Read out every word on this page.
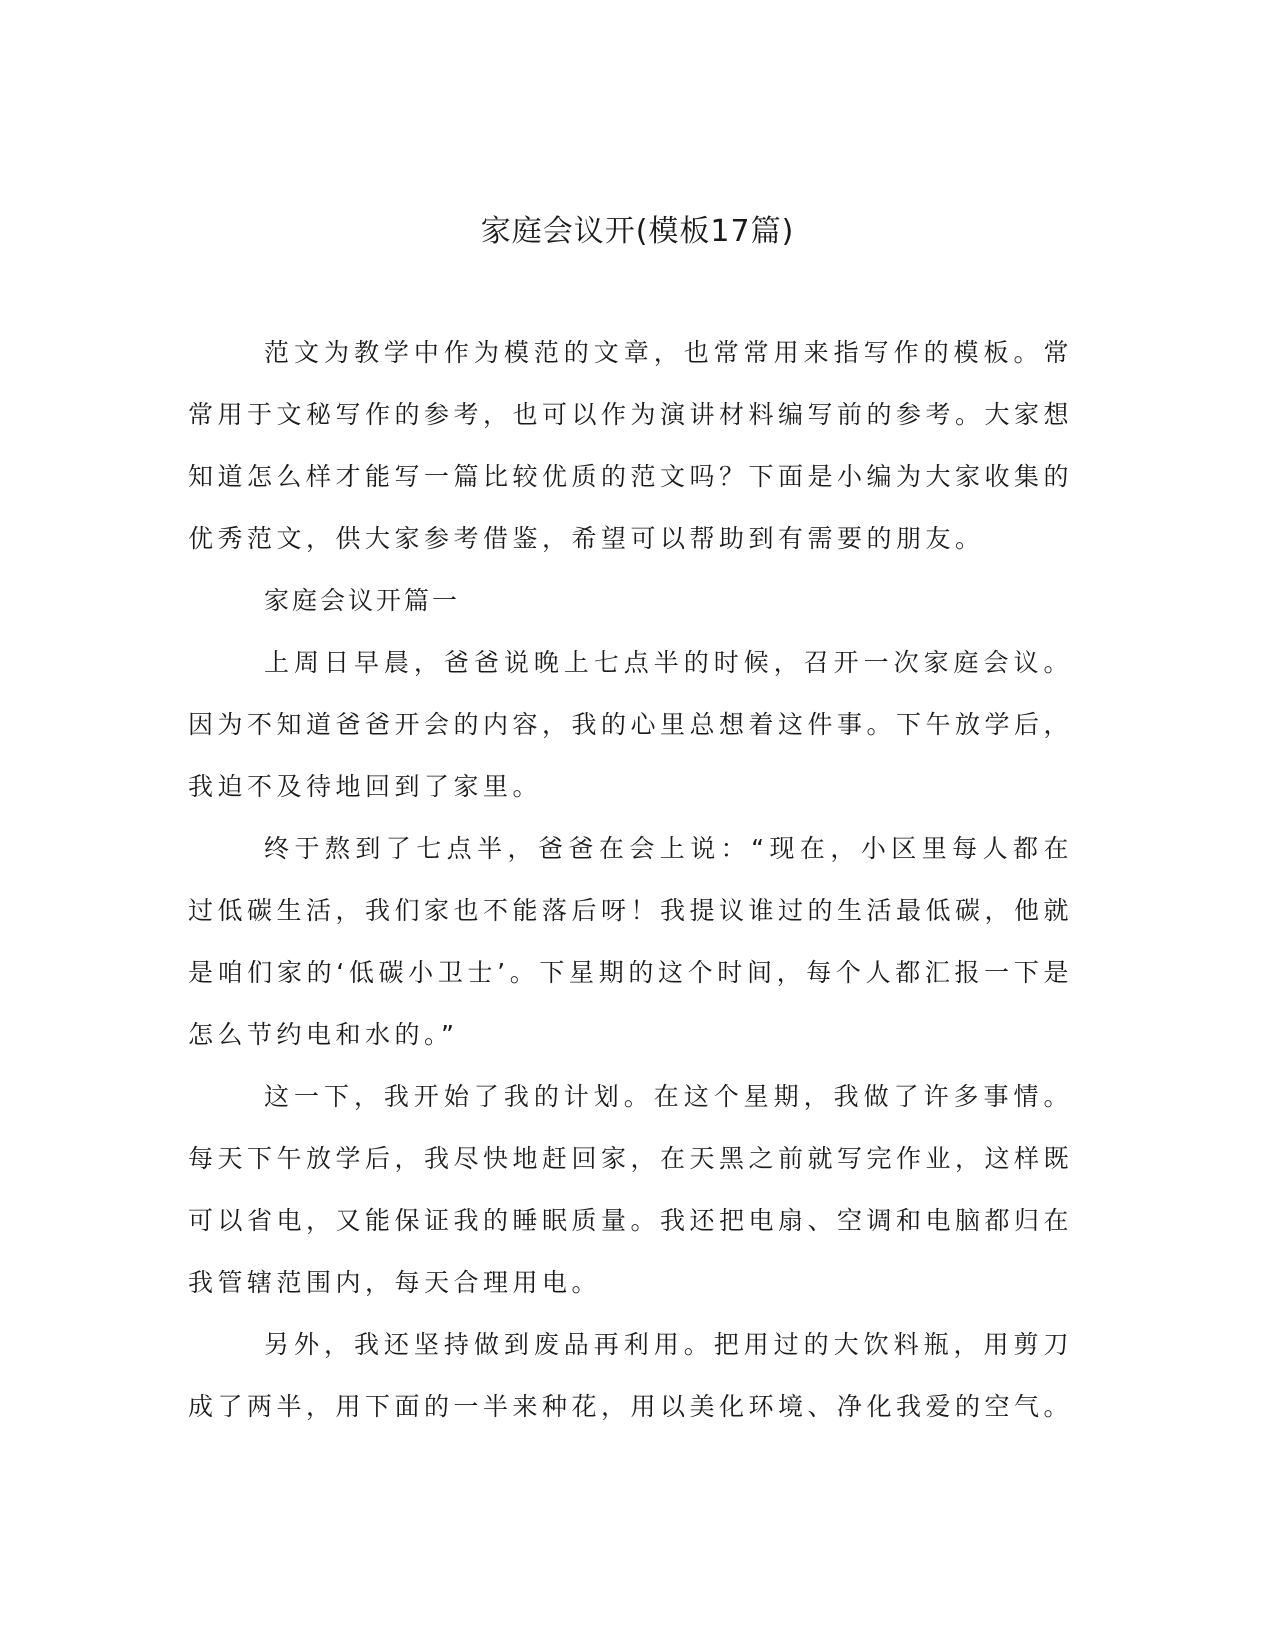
家庭会议开(模板17篇)

范文为教学中作为模范的文章，也常常用来指写作的模板。常常用于文秘写作的参考，也可以作为演讲材料编写前的参考。大家想知道怎么样才能写一篇比较优质的范文吗？下面是小编为大家收集的优秀范文，供大家参考借鉴，希望可以帮助到有需要的朋友。

家庭会议开篇一

上周日早晨，爸爸说晚上七点半的时候，召开一次家庭会议。因为不知道爸爸开会的内容，我的心里总想着这件事。下午放学后，我迫不及待地回到了家里。

终于熬到了七点半，爸爸在会上说：“现在，小区里每人都在过低碳生活，我们家也不能落后呀！我提议谁过的生活最低碳，他就是咱们家的‘低碳小卫士’。下星期的这个时间，每个人都汇报一下是怎么节约电和水的。”

这一下，我开始了我的计划。在这个星期，我做了许多事情。每天下午放学后，我尽快地赶回家，在天黑之前就写完作业，这样既可以省电，又能保证我的睡眠质量。我还把电扇、空调和电脑都归在我管辖范围内，每天合理用电。

另外，我还坚持做到废品再利用。把用过的大饮料瓶，用剪刀成了两半，用下面的一半来种花，用以美化环境、净化我爱的空气。
